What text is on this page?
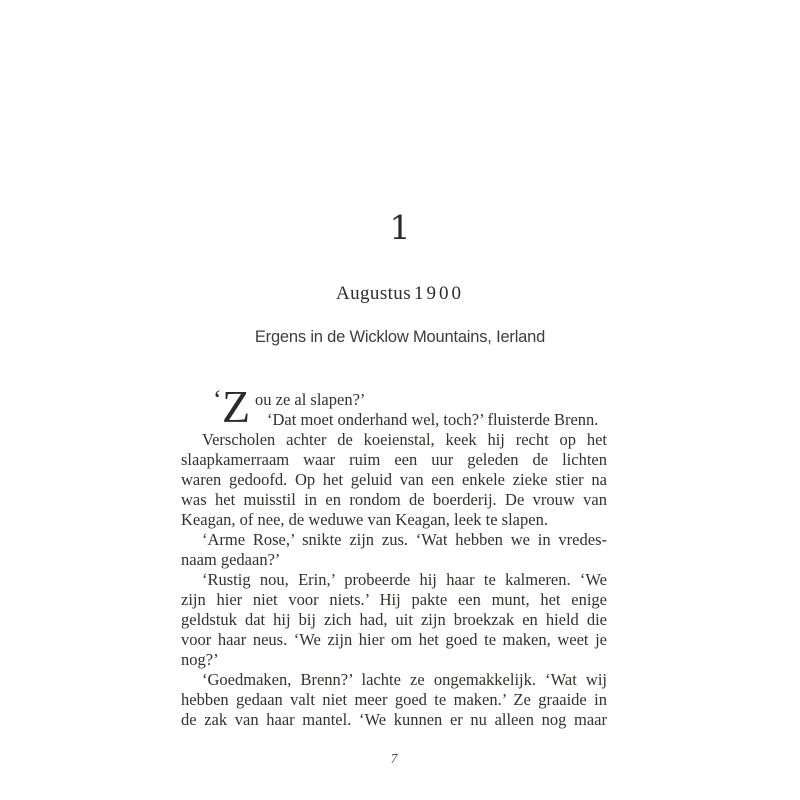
1
Augustus 1900
Ergens in de Wicklow Mountains, Ierland
‘ Z ou ze al slapen?’
‘Dat moet onderhand wel, toch?’ fluisterde Brenn.
Verscholen achter de koeienstal, keek hij recht op het
slaapkamerraam waar ruim een uur geleden de lichten
waren gedoofd. Op het geluid van een enkele zieke stier na
was het muisstil in en rondom de boerderij. De vrouw van
Keagan, of nee, de weduwe van Keagan, leek te slapen.
‘Arme Rose,’ snikte zijn zus. ‘Wat hebben we in vredes-
naam gedaan?’
‘Rustig nou, Erin,’ probeerde hij haar te kalmeren. ‘We
zijn hier niet voor niets.’ Hij pakte een munt, het enige
geldstuk dat hij bij zich had, uit zijn broekzak en hield die
voor haar neus. ‘We zijn hier om het goed te maken, weet je
nog?’
‘Goedmaken, Brenn?’ lachte ze ongemakkelijk. ‘Wat wij
hebben gedaan valt niet meer goed te maken.’ Ze graaide in
de zak van haar mantel. ‘We kunnen er nu alleen nog maar
7
